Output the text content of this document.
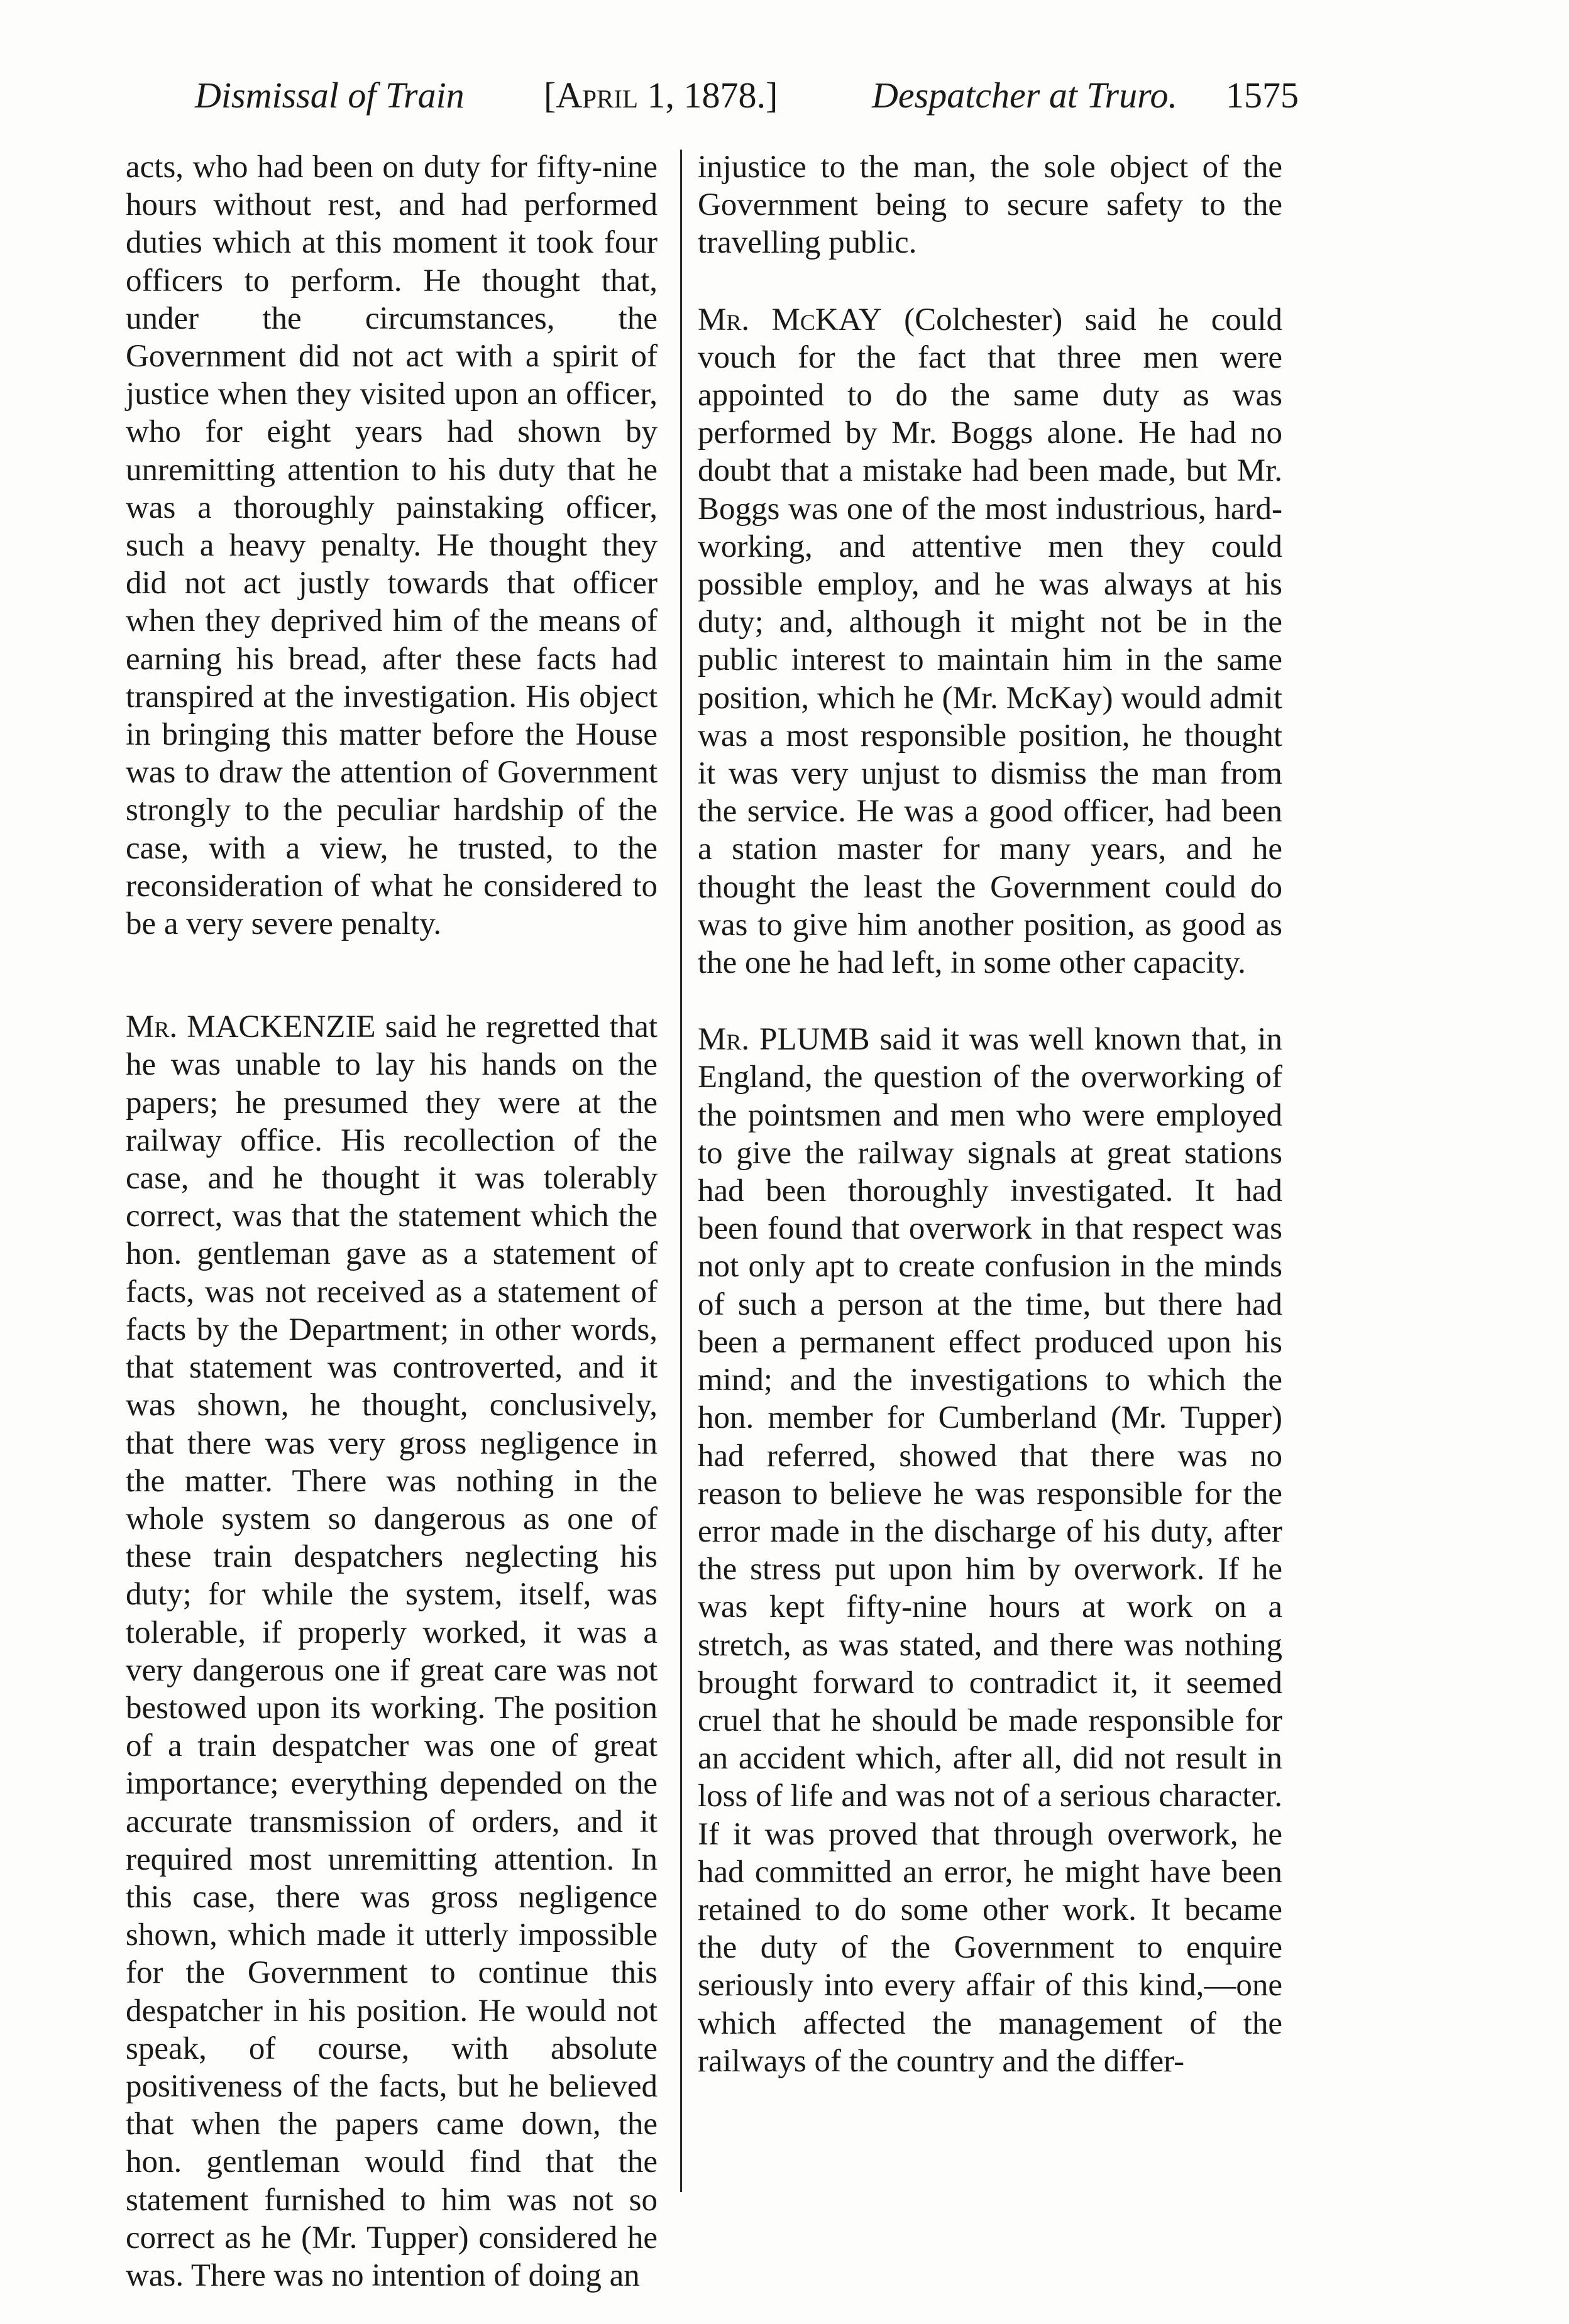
Dismissal of Train [April 1, 1878.]	Despatcher at Truro. 1575

acts, who had been on duty for fifty-nine hours without rest, and had performed duties which at this moment it took four officers to perform. He thought that, under the circumstances, the Government did not act with a spirit of justice when they visited upon an officer, who for eight years had shown by unremitting attention to his duty that he was a thoroughly painstaking officer, such a heavy penalty. He thought they did not act justly towards that officer when they deprived him of the means of earning his bread, after these facts had transpired at the investigation. His object in bringing this matter before the House was to draw the attention of Government strongly to the peculiar hardship of the case, with a view, he trusted, to the reconsideration of what he considered to be a very severe penalty.

Mr. MACKENZIE said he regretted that he was unable to lay his hands on the papers; he presumed they were at the railway office. His recollection of the case, and he thought it was tolerably correct, was that the statement which the hon. gentleman gave as a statement of facts, was not received as a statement of facts by the Department; in other words, that statement was controverted, and it was shown, he thought, conclusively, that there was very gross negligence in the matter. There was nothing in the whole system so dangerous as one of these train despatchers neglecting his duty; for while the system, itself, was tolerable, if properly worked, it was a very dangerous one if great care was not bestowed upon its working. The position of a train despatcher was one of great importance; everything depended on the accurate transmission of orders, and it required most unremitting attention. In this case, there was gross negligence shown, which made it utterly impossible for the Government to continue this despatcher in his position. He would not speak, of course, with absolute positiveness of the facts, but he believed that when the papers came down, the hon. gentleman would find that the statement furnished to him was not so correct as he (Mr. Tupper) considered he was. There was no intention of doing an

injustice to the man, the sole object of the Government being to secure safety to the travelling public.

Mr. McKAY (Colchester) said he could vouch for the fact that three men were appointed to do the same duty as was performed by Mr. Boggs alone. He had no doubt that a mistake had been made, but Mr. Boggs was one of the most industrious, hard-working, and attentive men they could possible employ, and he was always at his duty; and, although it might not be in the public interest to maintain him in the same position, which he (Mr. McKay) would admit was a most responsible position, he thought it was very unjust to dismiss the man from the service. He was a good officer, had been a station master for many years, and he thought the least the Government could do was to give him another position, as good as the one he had left, in some other capacity.

Mr. PLUMB said it was well known that, in England, the question of the overworking of the pointsmen and men who were employed to give the railway signals at great stations had been thoroughly investigated. It had been found that overwork in that respect was not only apt to create confusion in the minds of such a person at the time, but there had been a permanent effect produced upon his mind; and the investigations to which the hon. member for Cumberland (Mr. Tupper) had referred, showed that there was no reason to believe he was responsible for the error made in the discharge of his duty, after the stress put upon him by overwork. If he was kept fifty-nine hours at work on a stretch, as was stated, and there was nothing brought forward to contradict it, it seemed cruel that he should be made responsible for an accident which, after all, did not result in loss of life and was not of a serious character. If it was proved that through overwork, he had committed an error, he might have been retained to do some other work. It became the duty of the Government to enquire seriously into every affair of this kind,—one which affected the management of the railways of the country and the differ-
